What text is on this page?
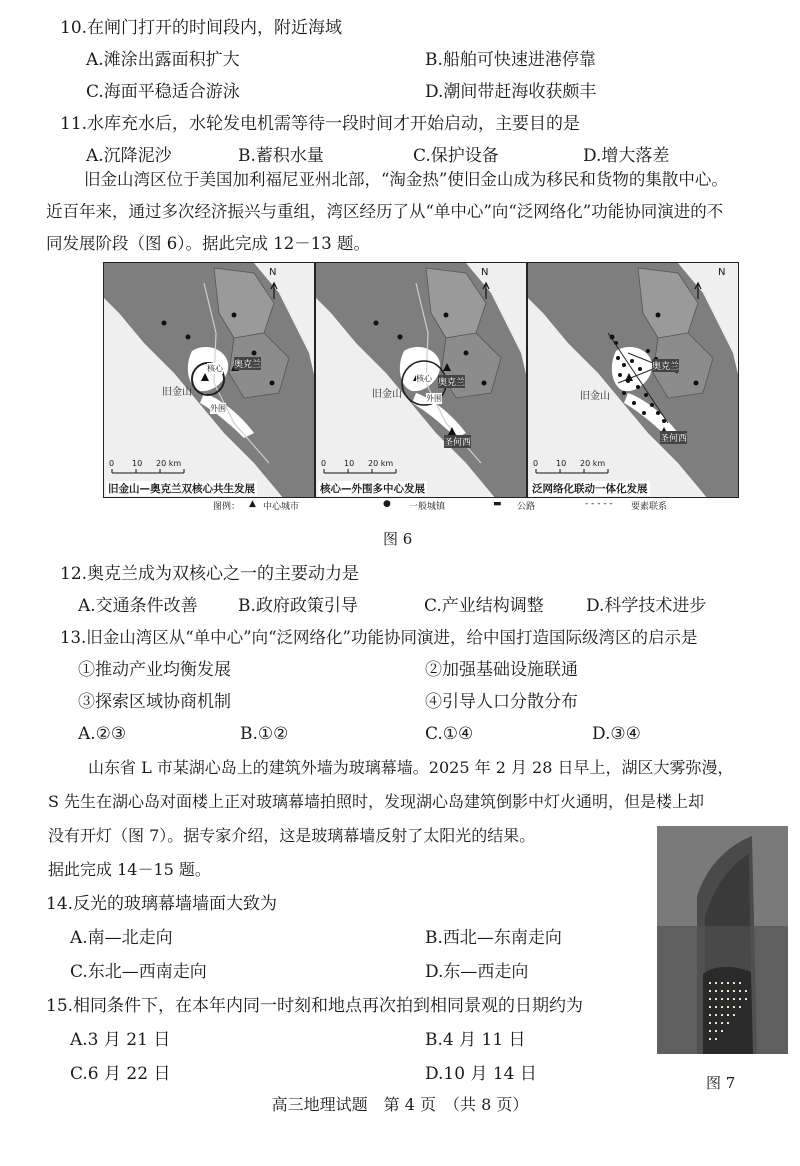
10.在闸门打开的时间段内，附近海域
A.滩涂出露面积扩大	B.船舶可快速进港停靠
C.海面平稳适合游泳	D.潮间带赶海收获颇丰
11.水库充水后，水轮发电机需等待一段时间才开始启动，主要目的是
A.沉降泥沙	B.蓄积水量	C.保护设备	D.增大落差
旧金山湾区位于美国加利福尼亚州北部，“淘金热”使旧金山成为移民和货物的集散中心。
近百年来，通过多次经济振兴与重组，湾区经历了从“单中心”向“泛网络化”功能协同演进的不
同发展阶段（图 6）。据此完成 12－13 题。
N
旧金山
奥克兰
核心
外围
0 10 20 km
旧金山—奥克兰双核心共生发展
N
旧金山
奥克兰
圣何西
核心
外围
0 10 20 km
核心—外围多中心发展
N
旧金山
奥克兰
圣何西
0 10 20 km
泛网络化联动一体化发展
图例： ▲ 中心城市	● 一般城镇	▬ 公路	- - - - - 要素联系
图 6
12.奥克兰成为双核心之一的主要动力是
A.交通条件改善 B.政府政策引导	C.产业结构调整 D.科学技术进步
13.旧金山湾区从“单中心”向“泛网络化”功能协同演进，给中国打造国际级湾区的启示是
①推动产业均衡发展	②加强基础设施联通
③探索区域协商机制	④引导人口分散分布
A.②③	B.①②	C.①④	D.③④
山东省 L 市某湖心岛上的建筑外墙为玻璃幕墙。2025 年 2 月 28 日早上，湖区大雾弥漫，
S 先生在湖心岛对面楼上正对玻璃幕墙拍照时，发现湖心岛建筑倒影中灯火通明，但是楼上却
没有开灯（图 7）。据专家介绍，这是玻璃幕墙反射了太阳光的结果。
据此完成 14－15 题。
图 7
14.反光的玻璃幕墙墙面大致为
A.南—北走向	B.西北—东南走向
C.东北—西南走向	D.东—西走向
15.相同条件下，在本年内同一时刻和地点再次拍到相同景观的日期约为
A.3 月 21 日	B.4 月 11 日
C.6 月 22 日	D.10 月 14 日
高三地理试题　第 4 页　（共 8 页）
